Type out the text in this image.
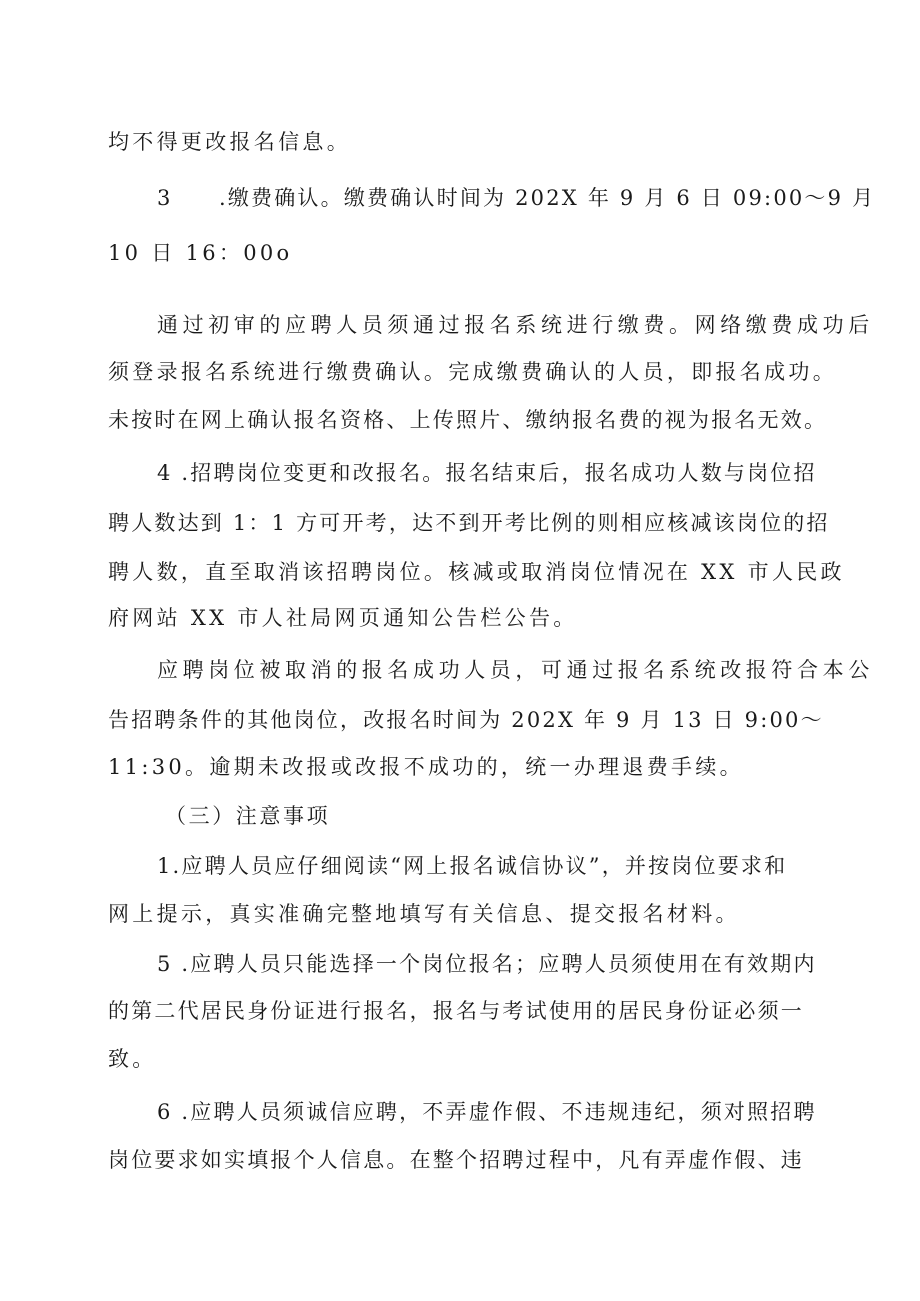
均不得更改报名信息。
3　　.缴费确认。缴费确认时间为 202X 年 9 月 6 日 09:00～9 月
10 日 16：00o
通过初审的应聘人员须通过报名系统进行缴费。网络缴费成功后
须登录报名系统进行缴费确认。完成缴费确认的人员，即报名成功。
未按时在网上确认报名资格、上传照片、缴纳报名费的视为报名无效。
4 .招聘岗位变更和改报名。报名结束后，报名成功人数与岗位招
聘人数达到 1：1 方可开考，达不到开考比例的则相应核减该岗位的招
聘人数，直至取消该招聘岗位。核减或取消岗位情况在 XX 市人民政
府网站 XX 市人社局网页通知公告栏公告。
应聘岗位被取消的报名成功人员，可通过报名系统改报符合本公
告招聘条件的其他岗位，改报名时间为 202X 年 9 月 13 日 9:00～
11:30。逾期未改报或改报不成功的，统一办理退费手续。
（三）注意事项
1.应聘人员应仔细阅读“网上报名诚信协议”，并按岗位要求和
网上提示，真实准确完整地填写有关信息、提交报名材料。
5 .应聘人员只能选择一个岗位报名；应聘人员须使用在有效期内
的第二代居民身份证进行报名，报名与考试使用的居民身份证必须一
致。
6 .应聘人员须诚信应聘，不弄虚作假、不违规违纪，须对照招聘
岗位要求如实填报个人信息。在整个招聘过程中，凡有弄虚作假、违
